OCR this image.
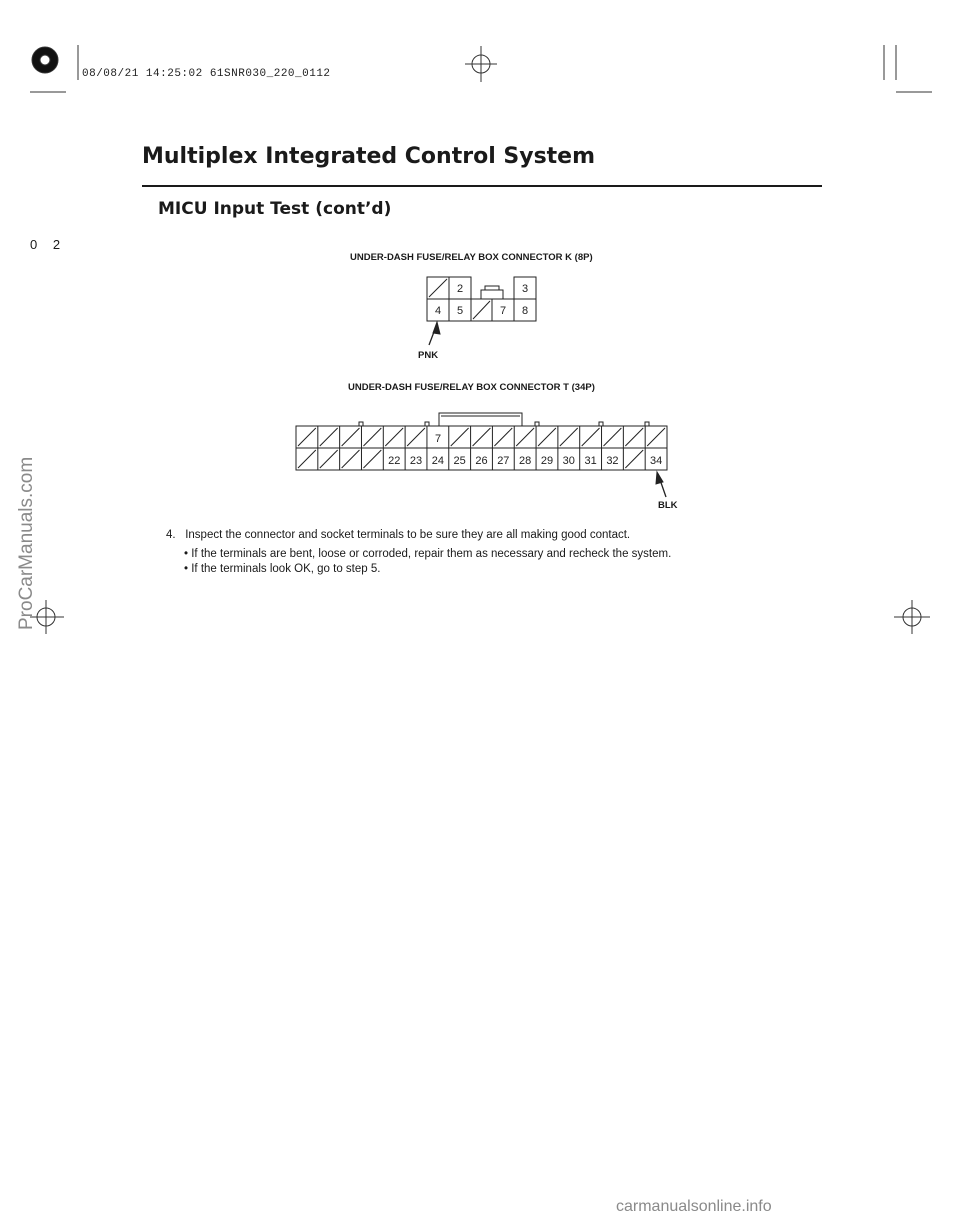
08/08/21 14:25:02 61SNR030_220_0112
Multiplex Integrated Control System
MICU Input Test (cont’d)
0 2
UNDER-DASH FUSE/RELAY BOX CONNECTOR K (8P)
2	3
4 5	7 8
7
22 23 24 25 26 27 28 29 30 31 32	34
PNK
UNDER-DASH FUSE/RELAY BOX CONNECTOR T (34P)
BLK
4. Inspect the connector and socket terminals to be sure they are all making good contact.
• If the terminals are bent, loose or corroded, repair them as necessary and recheck the system.
• If the terminals look OK, go to step 5.
ProCarManuals.com
carmanualsonline.info
